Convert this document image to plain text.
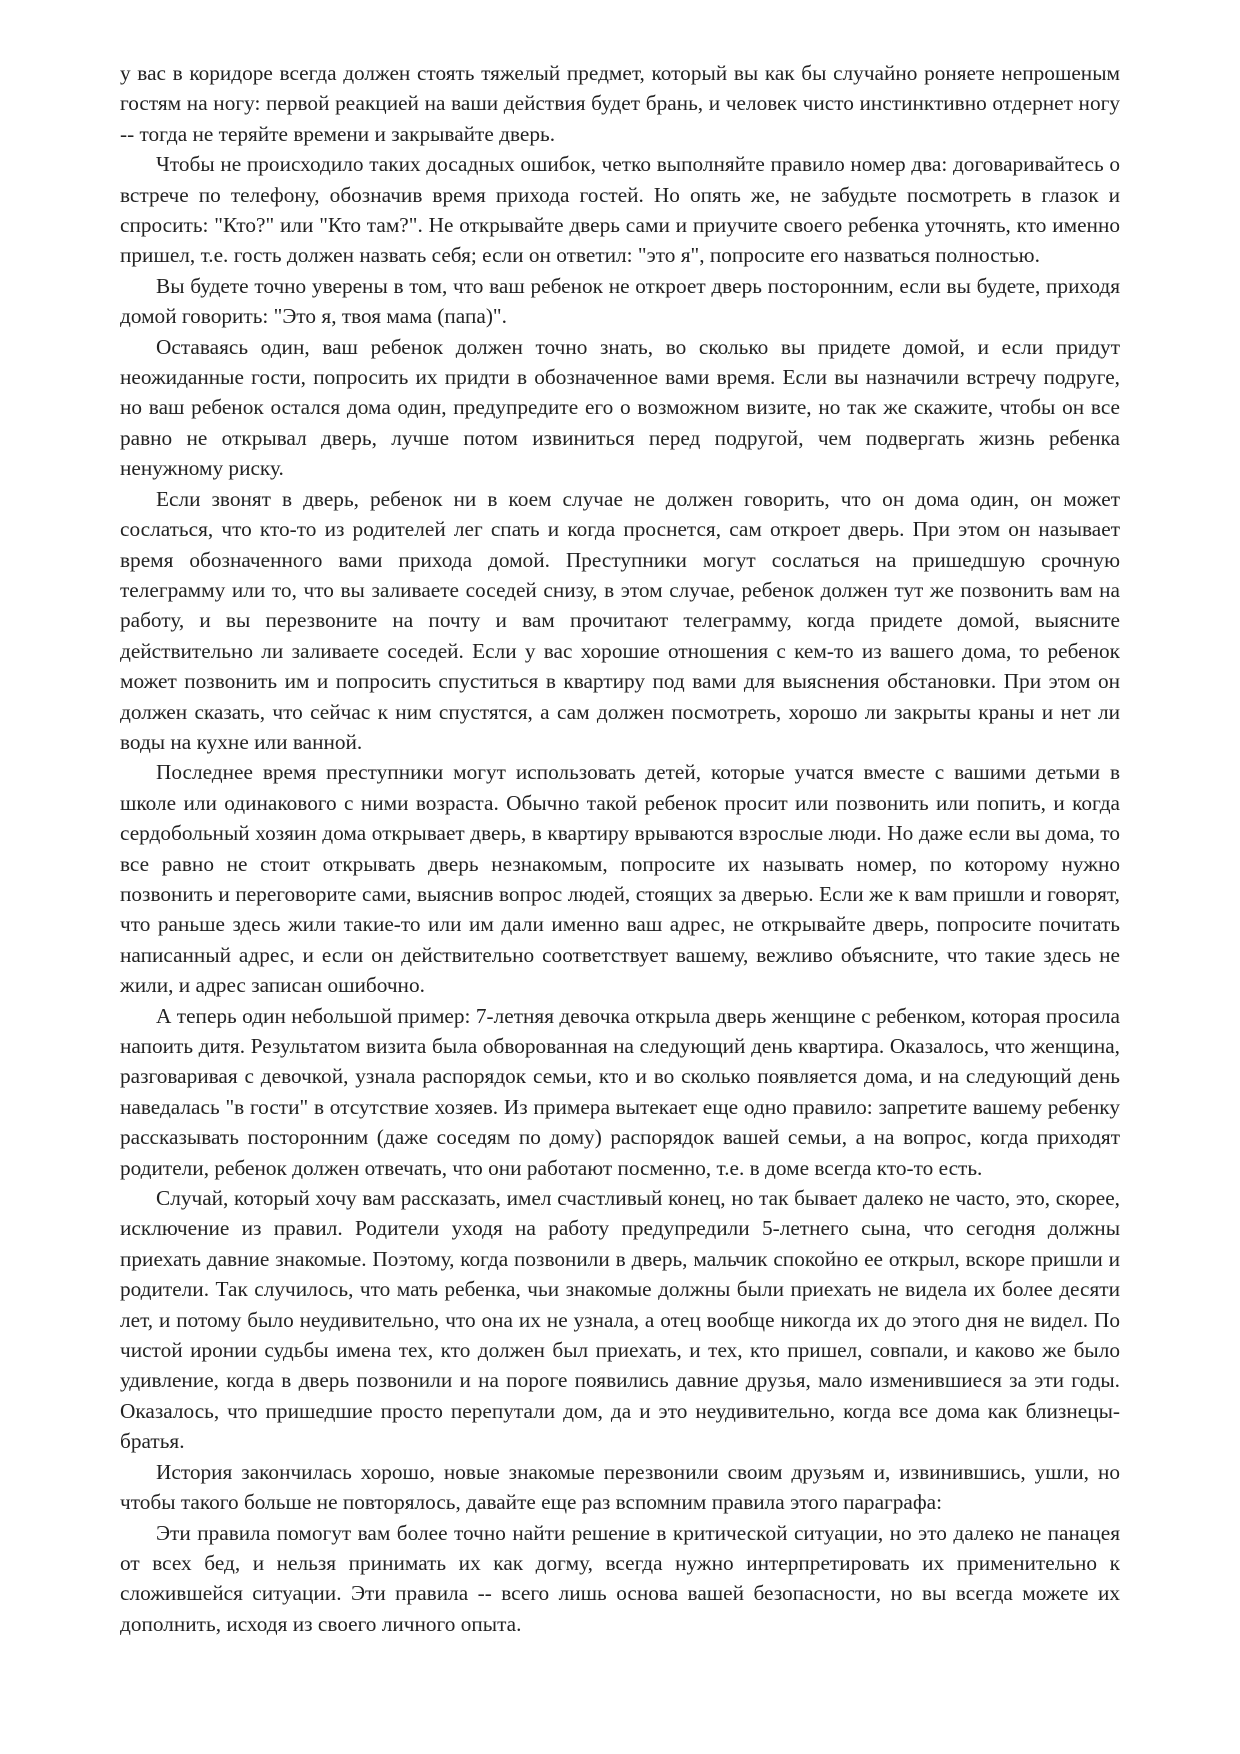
у вас в коридоре всегда должен стоять тяжелый предмет, который вы как бы случайно роняете непрошеным гостям на ногу: первой реакцией на ваши действия будет брань, и человек чисто инстинктивно отдернет ногу -- тогда не теряйте времени и закрывайте дверь.

Чтобы не происходило таких досадных ошибок, четко выполняйте правило номер два: договаривайтесь о встрече по телефону, обозначив время прихода гостей. Но опять же, не забудьте посмотреть в глазок и спросить: "Кто?" или "Кто там?". Не открывайте дверь сами и приучите своего ребенка уточнять, кто именно пришел, т.е. гость должен назвать себя; если он ответил: "это я", попросите его назваться полностью.

Вы будете точно уверены в том, что ваш ребенок не откроет дверь посторонним, если вы будете, приходя домой говорить: "Это я, твоя мама (папа)".

Оставаясь один, ваш ребенок должен точно знать, во сколько вы придете домой, и если придут неожиданные гости, попросить их придти в обозначенное вами время. Если вы назначили встречу подруге, но ваш ребенок остался дома один, предупредите его о возможном визите, но так же скажите, чтобы он все равно не открывал дверь, лучше потом извиниться перед подругой, чем подвергать жизнь ребенка ненужному риску.

Если звонят в дверь, ребенок ни в коем случае не должен говорить, что он дома один, он может сослаться, что кто-то из родителей лег спать и когда проснется, сам откроет дверь. При этом он называет время обозначенного вами прихода домой. Преступники могут сослаться на пришедшую срочную телеграмму или то, что вы заливаете соседей снизу, в этом случае, ребенок должен тут же позвонить вам на работу, и вы перезвоните на почту и вам прочитают телеграмму, когда придете домой, выясните действительно ли заливаете соседей. Если у вас хорошие отношения с кем-то из вашего дома, то ребенок может позвонить им и попросить спуститься в квартиру под вами для выяснения обстановки. При этом он должен сказать, что сейчас к ним спустятся, а сам должен посмотреть, хорошо ли закрыты краны и нет ли воды на кухне или ванной.

Последнее время преступники могут использовать детей, которые учатся вместе с вашими детьми в школе или одинакового с ними возраста. Обычно такой ребенок просит или позвонить или попить, и когда сердобольный хозяин дома открывает дверь, в квартиру врываются взрослые люди. Но даже если вы дома, то все равно не стоит открывать дверь незнакомым, попросите их называть номер, по которому нужно позвонить и переговорите сами, выяснив вопрос людей, стоящих за дверью. Если же к вам пришли и говорят, что раньше здесь жили такие-то или им дали именно ваш адрес, не открывайте дверь, попросите почитать написанный адрес, и если он действительно соответствует вашему, вежливо объясните, что такие здесь не жили, и адрес записан ошибочно.

А теперь один небольшой пример: 7-летняя девочка открыла дверь женщине с ребенком, которая просила напоить дитя. Результатом визита была обворованная на следующий день квартира. Оказалось, что женщина, разговаривая с девочкой, узнала распорядок семьи, кто и во сколько появляется дома, и на следующий день наведалась "в гости" в отсутствие хозяев. Из примера вытекает еще одно правило: запретите вашему ребенку рассказывать посторонним (даже соседям по дому) распорядок вашей семьи, а на вопрос, когда приходят родители, ребенок должен отвечать, что они работают посменно, т.е. в доме всегда кто-то есть.

Случай, который хочу вам рассказать, имел счастливый конец, но так бывает далеко не часто, это, скорее, исключение из правил. Родители уходя на работу предупредили 5-летнего сына, что сегодня должны приехать давние знакомые. Поэтому, когда позвонили в дверь, мальчик спокойно ее открыл, вскоре пришли и родители. Так случилось, что мать ребенка, чьи знакомые должны были приехать не видела их более десяти лет, и потому было неудивительно, что она их не узнала, а отец вообще никогда их до этого дня не видел. По чистой иронии судьбы имена тех, кто должен был приехать, и тех, кто пришел, совпали, и каково же было удивление, когда в дверь позвонили и на пороге появились давние друзья, мало изменившиеся за эти годы. Оказалось, что пришедшие просто перепутали дом, да и это неудивительно, когда все дома как близнецы-братья.

История закончилась хорошо, новые знакомые перезвонили своим друзьям и, извинившись, ушли, но чтобы такого больше не повторялось, давайте еще раз вспомним правила этого параграфа:

Эти правила помогут вам более точно найти решение в критической ситуации, но это далеко не панацея от всех бед, и нельзя принимать их как догму, всегда нужно интерпретировать их применительно к сложившейся ситуации. Эти правила -- всего лишь основа вашей безопасности, но вы всегда можете их дополнить, исходя из своего личного опыта.
